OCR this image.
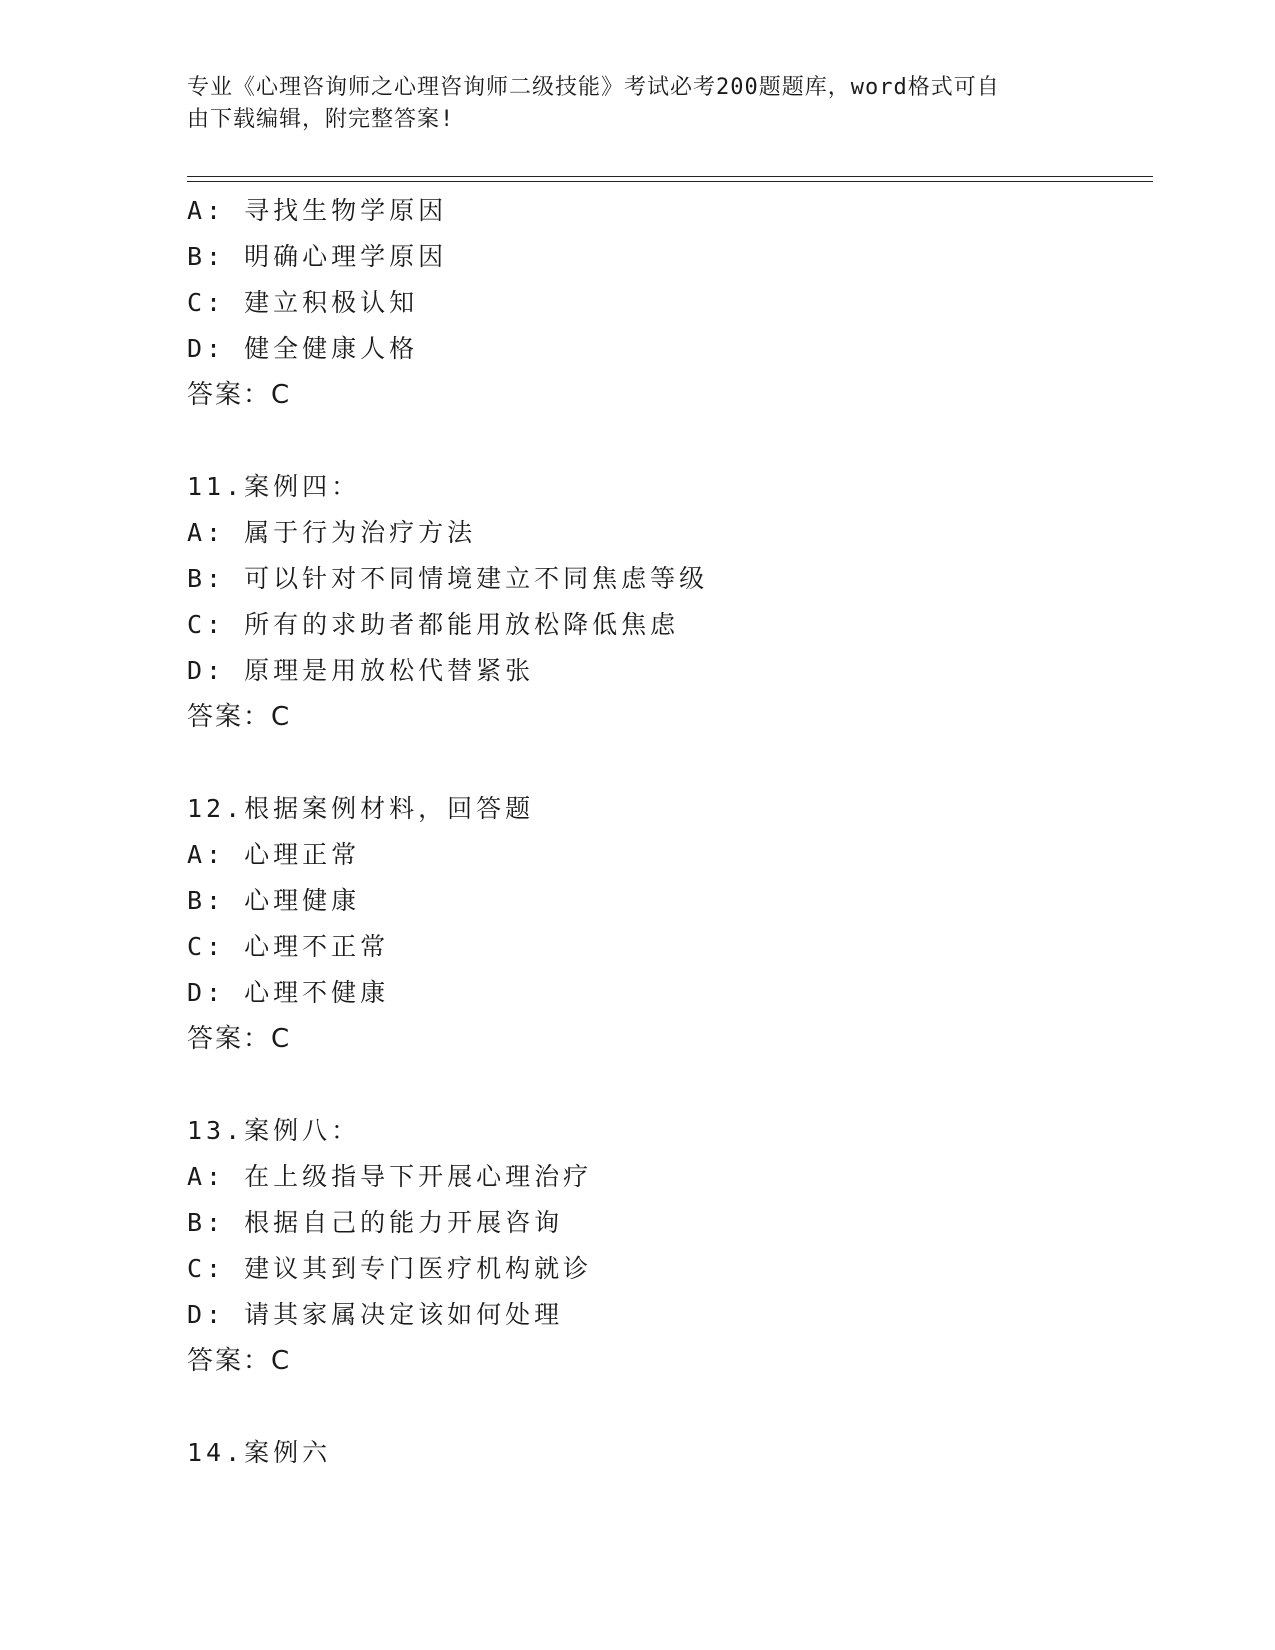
专业《心理咨询师之心理咨询师二级技能》考试必考200题题库，word格式可自
由下载编辑，附完整答案!
A: 寻找生物学原因
B: 明确心理学原因
C: 建立积极认知
D: 健全健康人格
答案：C
11.案例四：
A: 属于行为治疗方法
B: 可以针对不同情境建立不同焦虑等级
C: 所有的求助者都能用放松降低焦虑
D: 原理是用放松代替紧张
答案：C
12.根据案例材料，回答题
A: 心理正常
B: 心理健康
C: 心理不正常
D: 心理不健康
答案：C
13.案例八：
A: 在上级指导下开展心理治疗
B: 根据自己的能力开展咨询
C: 建议其到专门医疗机构就诊
D: 请其家属决定该如何处理
答案：C
14.案例六
